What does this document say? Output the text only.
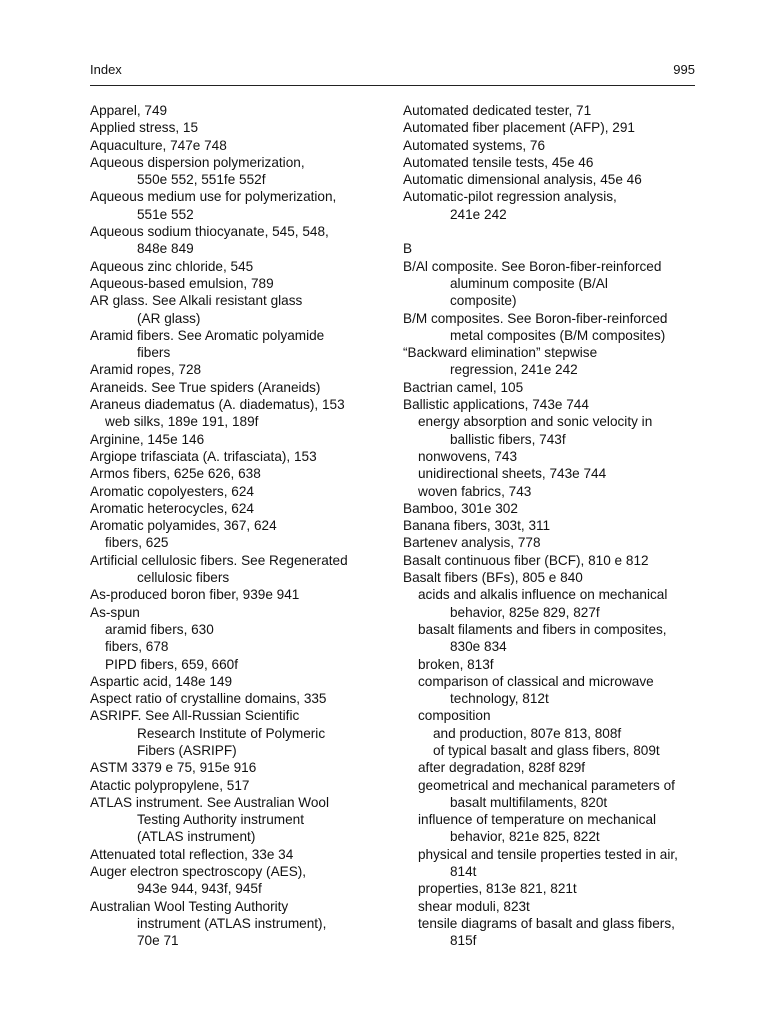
Index	995
Apparel, 749
Applied stress, 15
Aquaculture, 747e 748
Aqueous dispersion polymerization,
550e 552, 551fe 552f
Aqueous medium use for polymerization,
551e 552
Aqueous sodium thiocyanate, 545, 548,
848e 849
Aqueous zinc chloride, 545
Aqueous-based emulsion, 789
AR glass. See Alkali resistant glass
(AR glass)
Aramid fibers. See Aromatic polyamide
fibers
Aramid ropes, 728
Araneids. See True spiders (Araneids)
Araneus diadematus (A. diadematus), 153
web silks, 189e 191, 189f
Arginine, 145e 146
Argiope trifasciata (A. trifasciata), 153
Armos fibers, 625e 626, 638
Aromatic copolyesters, 624
Aromatic heterocycles, 624
Aromatic polyamides, 367, 624
fibers, 625
Artificial cellulosic fibers. See Regenerated
cellulosic fibers
As-produced boron fiber, 939e 941
As-spun
aramid fibers, 630
fibers, 678
PIPD fibers, 659, 660f
Aspartic acid, 148e 149
Aspect ratio of crystalline domains, 335
ASRIPF. See All-Russian Scientific
Research Institute of Polymeric
Fibers (ASRIPF)
ASTM 3379 e 75, 915e 916
Atactic polypropylene, 517
ATLAS instrument. See Australian Wool
Testing Authority instrument
(ATLAS instrument)
Attenuated total reflection, 33e 34
Auger electron spectroscopy (AES),
943e 944, 943f, 945f
Australian Wool Testing Authority
instrument (ATLAS instrument),
70e 71
Automated dedicated tester, 71
Automated fiber placement (AFP), 291
Automated systems, 76
Automated tensile tests, 45e 46
Automatic dimensional analysis, 45e 46
Automatic-pilot regression analysis,
241e 242
B
B/Al composite. See Boron-fiber-reinforced
aluminum composite (B/Al
composite)
B/M composites. See Boron-fiber-reinforced
metal composites (B/M composites)
“Backward elimination” stepwise
regression, 241e 242
Bactrian camel, 105
Ballistic applications, 743e 744
energy absorption and sonic velocity in
ballistic fibers, 743f
nonwovens, 743
unidirectional sheets, 743e 744
woven fabrics, 743
Bamboo, 301e 302
Banana fibers, 303t, 311
Bartenev analysis, 778
Basalt continuous fiber (BCF), 810 e 812
Basalt fibers (BFs), 805 e 840
acids and alkalis influence on mechanical
behavior, 825e 829, 827f
basalt filaments and fibers in composites,
830e 834
broken, 813f
comparison of classical and microwave
technology, 812t
composition
and production, 807e 813, 808f
of typical basalt and glass fibers, 809t
after degradation, 828f 829f
geometrical and mechanical parameters of
basalt multifilaments, 820t
influence of temperature on mechanical
behavior, 821e 825, 822t
physical and tensile properties tested in air,
814t
properties, 813e 821, 821t
shear moduli, 823t
tensile diagrams of basalt and glass fibers,
815f
